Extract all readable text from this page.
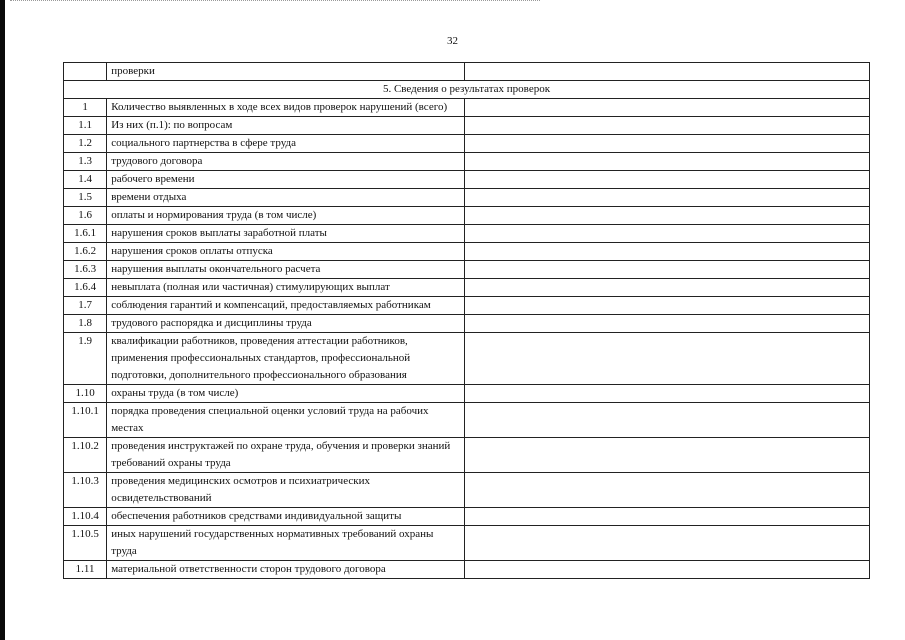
32
	проверки	
5. Сведения о результатах проверок		
1	Количество выявленных в ходе всех видов проверок нарушений (всего)	
1.1	Из них (п.1): по вопросам	
1.2	социального партнерства в сфере труда	
1.3	трудового договора	
1.4	рабочего времени	
1.5	времени отдыха	
1.6	оплаты и нормирования труда (в том числе)	
1.6.1	нарушения сроков выплаты заработной платы	
1.6.2	нарушения сроков оплаты отпуска	
1.6.3	нарушения выплаты окончательного расчета	
1.6.4	невыплата (полная или частичная) стимулирующих выплат	
1.7	соблюдения гарантий и компенсаций, предоставляемых работникам	
1.8	трудового распорядка и дисциплины труда	
1.9	квалификации работников, проведения аттестации работников, применения профессиональных стандартов, профессиональной подготовки, дополнительного профессионального образования	
1.10	охраны труда (в том числе)	
1.10.1	порядка проведения специальной оценки условий труда на рабочих местах	
1.10.2	проведения инструктажей по охране труда, обучения и проверки знаний требований охраны труда	
1.10.3	проведения медицинских осмотров и психиатрических освидетельствований	
1.10.4	обеспечения работников средствами индивидуальной защиты	
1.10.5	иных нарушений государственных нормативных требований охраны труда	
1.11	материальной ответственности сторон трудового договора	
